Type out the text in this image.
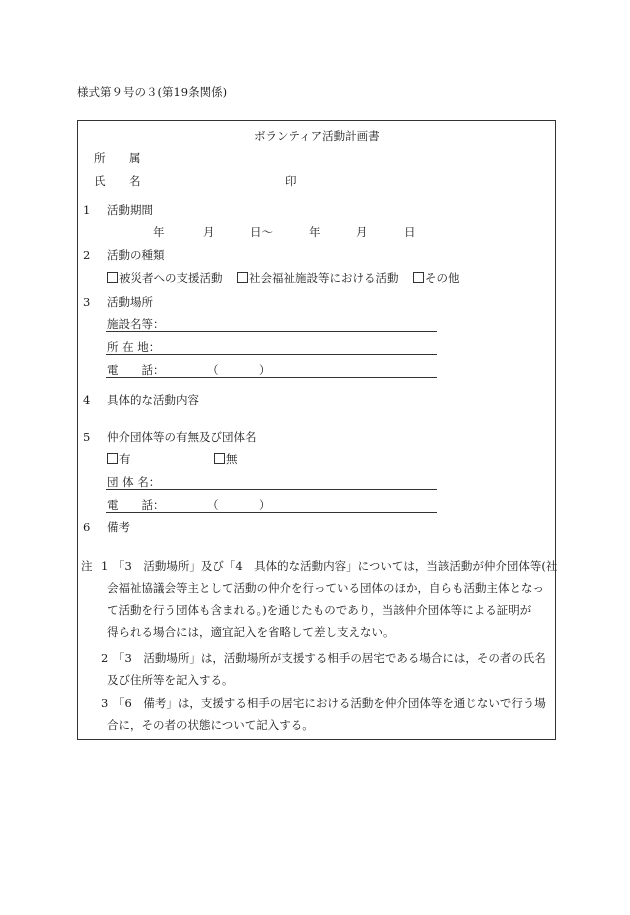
様式第９号の３(第19条関係)
ボランティア活動計画書
所 属
氏 名	印
1 活動期間
年	月	日〜	年	月	日
2 活動の種類
被災者への支援活動	社会福祉施設等における活動	その他
3 活動場所
施設名等：
所 在 地：
電　　話：	（	）
4 具体的な活動内容
5 仲介団体等の有無及び団体名
有	無
団 体 名：
電　　話：	（	）
6 備考
注 1 「3　活動場所」及び「4　具体的な活動内容」については，当該活動が仲介団体等(社
会福祉協議会等主として活動の仲介を行っている団体のほか，自らも活動主体となっ
て活動を行う団体も含まれる。)を通じたものであり，当該仲介団体等による証明が
得られる場合には，適宜記入を省略して差し支えない。
2 「3　活動場所」は，活動場所が支援する相手の居宅である場合には，その者の氏名
及び住所等を記入する。
3 「6　備考」は，支援する相手の居宅における活動を仲介団体等を通じないで行う場
合に，その者の状態について記入する。
